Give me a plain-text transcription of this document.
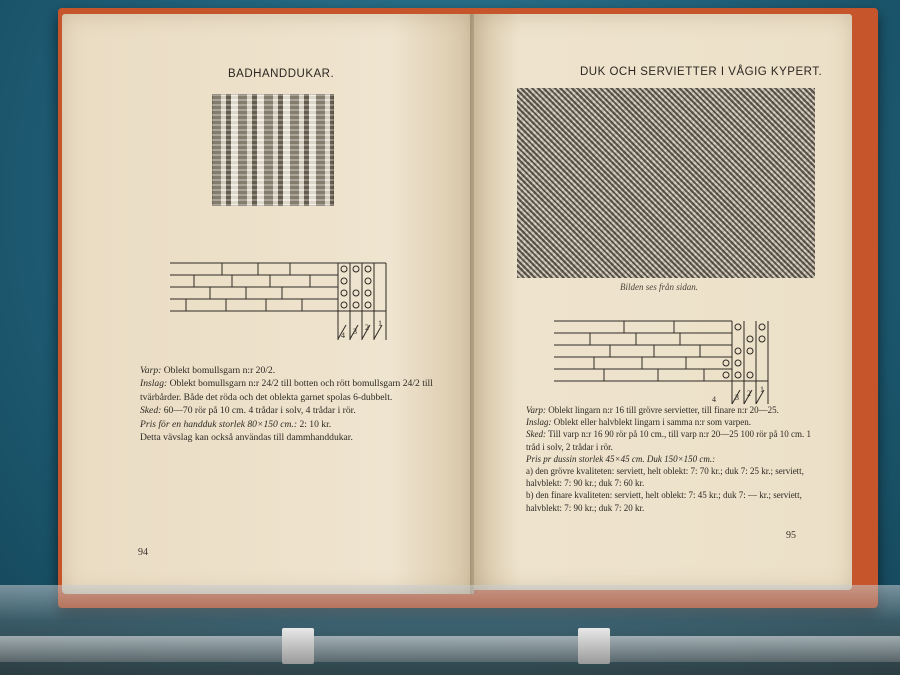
BADHANDDUKAR.
4 3 2 1

Varp: Oblekt bomullsgarn n:r 20/2.

Inslag: Oblekt bomullsgarn n:r 24/2 till botten och rött bomullsgarn 24/2 till tvärbårder. Både det röda och det oblekta garnet spolas 6-dubbelt.

Sked: 60—70 rör på 10 cm. 4 trådar i solv, 4 trådar i rör.

Pris för en handduk storlek 80×150 cm.: 2: 10 kr.

Detta vävslag kan också användas till dammhanddukar.

94
DUK OCH SERVIETTER I VÅGIG KYPERT.
Bilden ses från sidan.
4 3 2 1

Varp: Oblekt lingarn n:r 16 till grövre servietter, till finare n:r 20—25.

Inslag: Oblekt eller halvblekt lingarn i samma n:r som varpen.

Sked: Till varp n:r 16 90 rör på 10 cm., till varp n:r 20—25 100 rör på 10 cm. 1 tråd i solv, 2 trådar i rör.

Pris pr dussin storlek 45×45 cm. Duk 150×150 cm.:

a) den grövre kvaliteten: serviett, helt oblekt: 7: 70 kr.; duk 7: 25 kr.; serviett, halvblekt: 7: 90 kr.; duk 7: 60 kr.

b) den finare kvaliteten: serviett, helt oblekt: 7: 45 kr.; duk 7: — kr.; serviett, halvblekt: 7: 90 kr.; duk 7: 20 kr.

95
